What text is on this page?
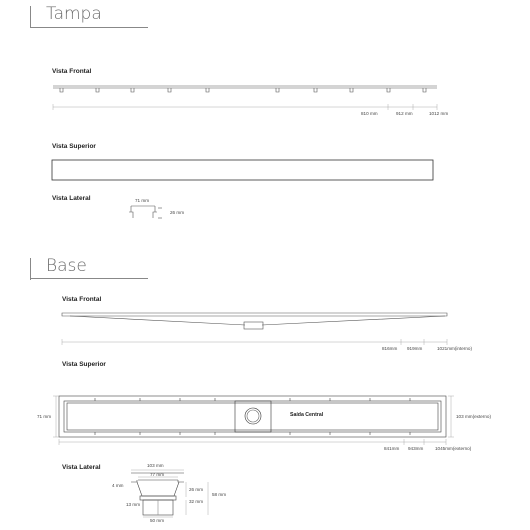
Tampa
Vista Frontal
810 mm	912 mm	1012 mm
Vista Superior
Vista Lateral	71 mm
26 mm
Base
Vista Frontal
816mm 919mm	1021mm(interno)
Vista Superior
71 mm	Saída Central	103 mm(externo)
841mm 943mm	1045mm(externo)
Vista Lateral	103 mm
77 mm
4 mm
26 mm
58 mm
13 mm
32 mm
50 mm
